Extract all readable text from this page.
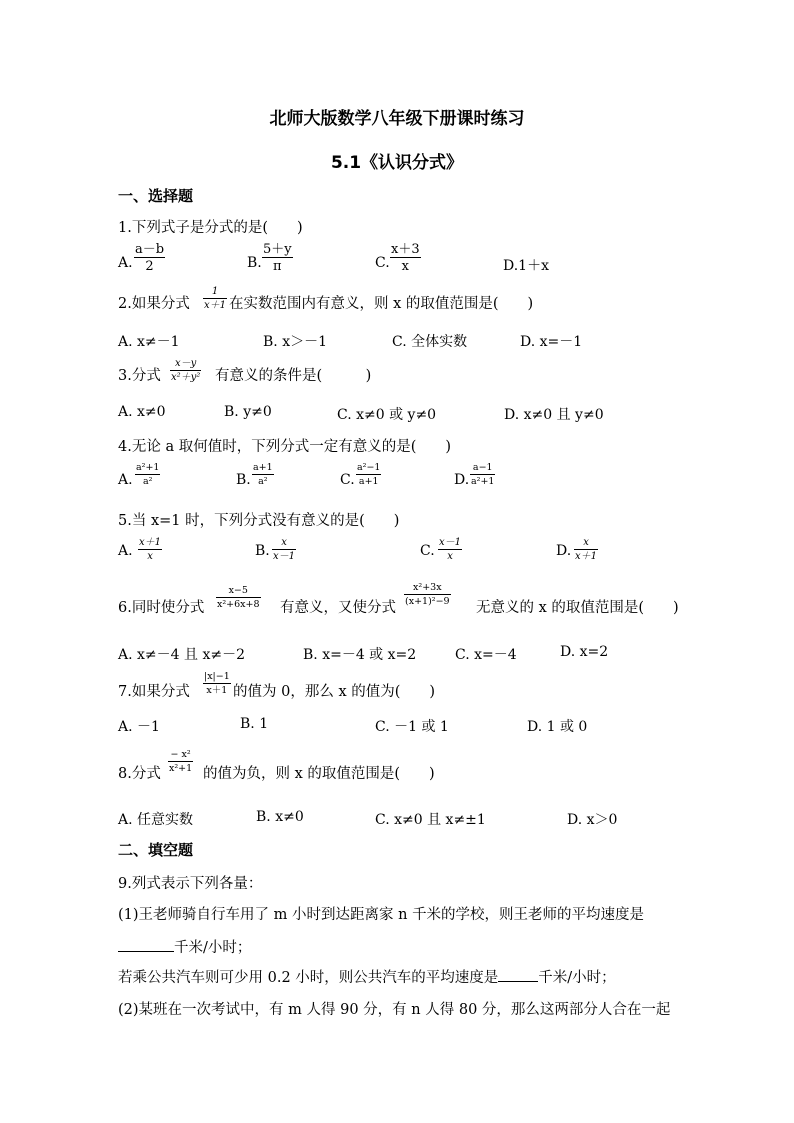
北师大版数学八年级下册课时练习
5.1《认识分式》
一、选择题
1.下列式子是分式的是(　　)
A.
a－b
2	B.
5＋y
π	C.
x＋3
x	D.1＋x
2.如果分式
1
x＋1 在实数范围内有意义，则 x 的取值范围是(　　)
A. x≠－1	B. x＞－1	C. 全体实数	D. x=－1
3.分式
x－y
x²＋y² 有意义的条件是(　　　)
A. x≠0	B. y≠0	C. x≠0 或 y≠0	D. x≠0 且 y≠0
4.无论 a 取何值时，下列分式一定有意义的是(　　)
A.
a²+1
a²	B.
a+1
a²	C.
a²−1
a+1	D.
a−1
a²+1
5.当 x=1 时，下列分式没有意义的是(　　)
A.
x＋1
x	B.
x
x－1	C.
x－1
x	D.
x
x＋1
6.同时使分式
x−5
x²+6x+8 有意义，又使分式
x²+3x
(x+1)²−9 无意义的 x 的取值范围是(　　)
A. x≠－4 且 x≠－2	B. x=－4 或 x=2	C. x=－4	D. x=2
7.如果分式
|x|−1
x＋1 的值为 0，那么 x 的值为(　　)
A. －1	B. 1	C. －1 或 1	D. 1 或 0
8.分式
− x²
x²+1 的值为负，则 x 的取值范围是(　　)
A. 任意实数	B. x≠0	C. x≠0 且 x≠±1	D. x＞0
二、填空题
9.列式表示下列各量：
(1)王老师骑自行车用了 m 小时到达距离家 n 千米的学校，则王老师的平均速度是
千米/小时；
若乘公共汽车则可少用 0.2 小时，则公共汽车的平均速度是	千米/小时；
(2)某班在一次考试中，有 m 人得 90 分，有 n 人得 80 分，那么这两部分人合在一起
